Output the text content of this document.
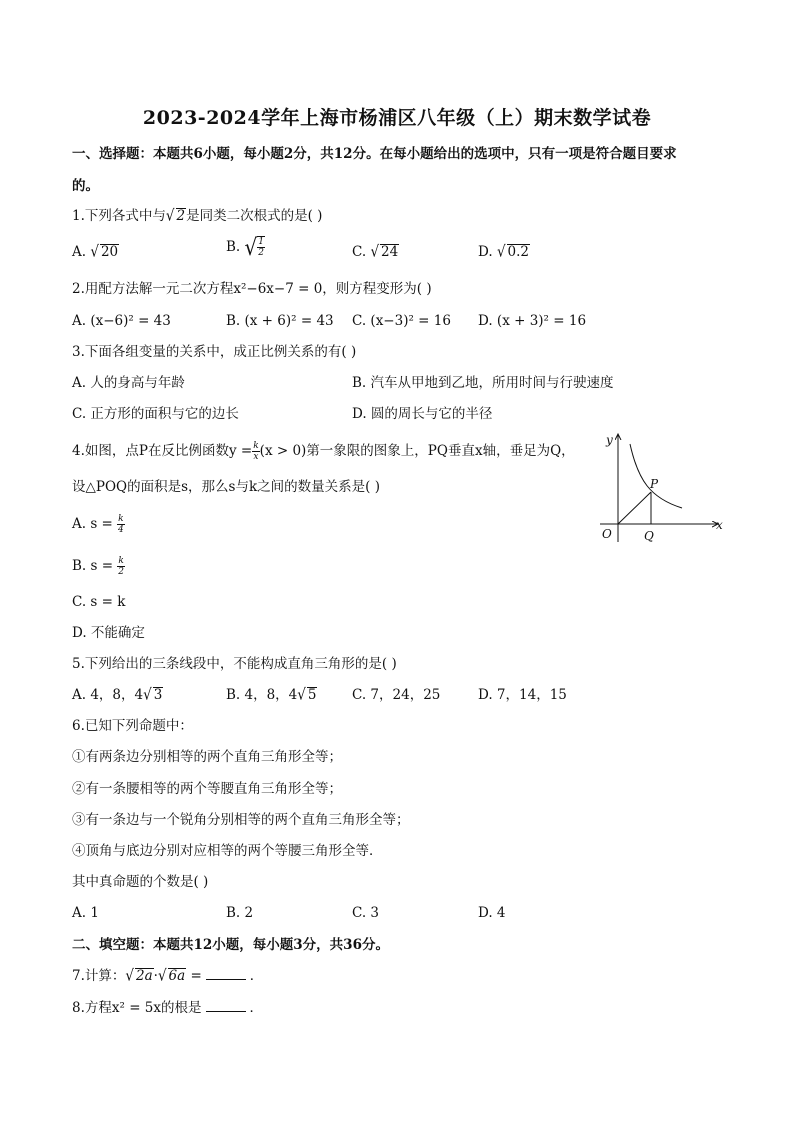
2023-2024学年上海市杨浦区八年级（上）期末数学试卷
一、选择题：本题共6小题，每小题2分，共12分。在每小题给出的选项中，只有一项是符合题目要求
的。
1.下列各式中与√ 2是同类二次根式的是( )
A. √ 20	B. √ $\frac{1}{2}$	C. √ 24	D. √ 0.2
2.用配方法解一元二次方程x²−6x−7 = 0，则方程变形为( )
A. (x−6)² = 43	B. (x + 6)² = 43 C. (x−3)² = 16 D. (x + 3)² = 16
3.下面各组变量的关系中，成正比例关系的有( )
A. 人的身高与年龄	B. 汽车从甲地到乙地，所用时间与行驶速度
C. 正方形的面积与它的边长	D. 圆的周长与它的半径
4.如图，点P在反比例函数$y = \frac{k}{x} (x > 0)$第一象限的图象上，PQ垂直x轴，垂足为Q，
设△POQ的面积是s，那么s与k之间的数量关系是( )
A. $s = \frac{k}{4}$
B. $s = \frac{k}{2}$
C. s = k
D. 不能确定
y
x
O
P
Q
5.下列给出的三条线段中，不能构成直角三角形的是( )
A. 4，8，4√ 3	B. 4，8，4√ 5	C. 7，24，25	D. 7，14，15
6.已知下列命题中：
①有两条边分别相等的两个直角三角形全等；
②有一条腰相等的两个等腰直角三角形全等；
③有一条边与一个锐角分别相等的两个直角三角形全等；
④顶角与底边分别对应相等的两个等腰三角形全等．
其中真命题的个数是( )
A. 1	B. 2	C. 3	D. 4
二、填空题：本题共12小题，每小题3分，共36分。
7.计算：√ 2a·√ 6a =	．
8.方程x² = 5x的根是	．
